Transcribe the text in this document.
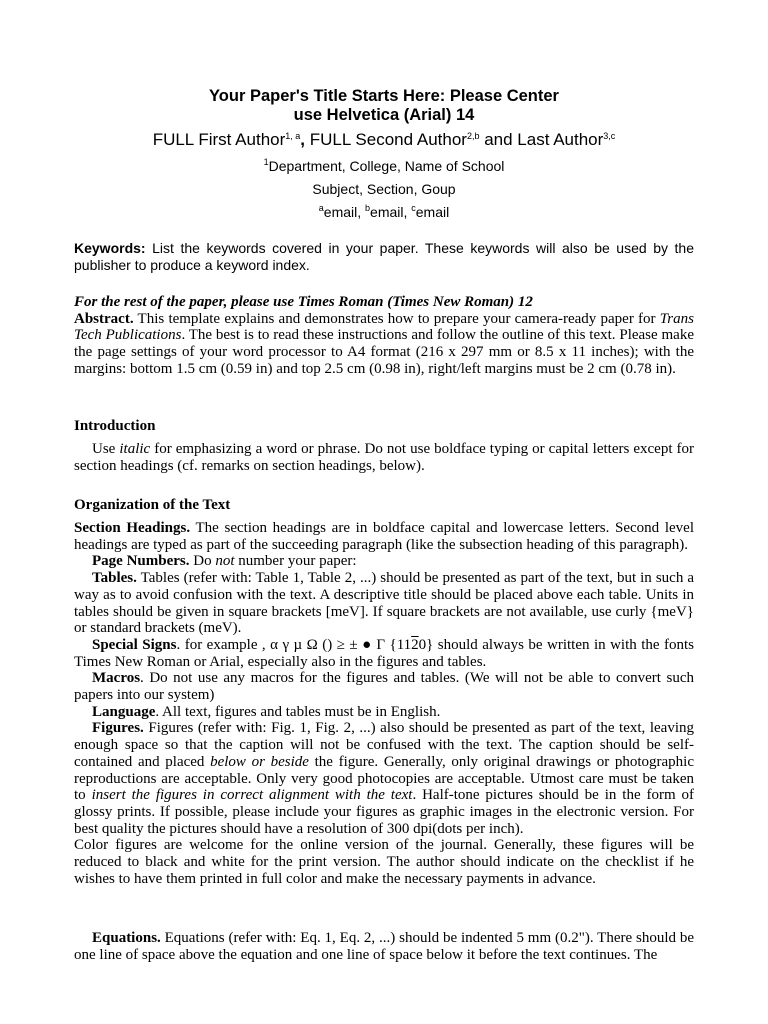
Your Paper's Title Starts Here: Please Center
use Helvetica (Arial) 14
FULL First Author$^{1, a}$, FULL Second Author$^{2,b}$ and Last Author$^{3,c}$
$^1$Department, College, Name of School
Subject, Section, Goup
$^a$email, $^b$email, $^c$email
Keywords: List the keywords covered in your paper. These keywords will also be used by the publisher to produce a keyword index.

For the rest of the paper, please use Times Roman (Times New Roman) 12

Abstract. This template explains and demonstrates how to prepare your camera-ready paper for Trans Tech Publications. The best is to read these instructions and follow the outline of this text. Please make the page settings of your word processor to A4 format (216 x 297 mm or 8.5 x 11 inches); with the margins: bottom 1.5 cm (0.59 in) and top 2.5 cm (0.98 in), right/left margins must be 2 cm (0.78 in).

Introduction

Use italic for emphasizing a word or phrase. Do not use boldface typing or capital letters except for section headings (cf. remarks on section headings, below).

Organization of the Text

Section Headings. The section headings are in boldface capital and lowercase letters. Second level headings are typed as part of the succeeding paragraph (like the subsection heading of this paragraph).

Page Numbers. Do not number your paper:

Tables. Tables (refer with: Table 1, Table 2, ...) should be presented as part of the text, but in such a way as to avoid confusion with the text. A descriptive title should be placed above each table. Units in tables should be given in square brackets [meV]. If square brackets are not available, use curly {meV} or standard brackets (meV).

Special Signs. for example , α γ µ Ω () ≥ ± ● Γ {1120} should always be written in with the fonts Times New Roman or Arial, especially also in the figures and tables.

Macros. Do not use any macros for the figures and tables. (We will not be able to convert such papers into our system)

Language. All text, figures and tables must be in English.

Figures. Figures (refer with: Fig. 1, Fig. 2, ...) also should be presented as part of the text, leaving enough space so that the caption will not be confused with the text. The caption should be self-contained and placed below or beside the figure. Generally, only original drawings or photographic reproductions are acceptable. Only very good photocopies are acceptable. Utmost care must be taken to insert the figures in correct alignment with the text. Half-tone pictures should be in the form of glossy prints. If possible, please include your figures as graphic images in the electronic version. For best quality the pictures should have a resolution of 300 dpi(dots per inch).

Color figures are welcome for the online version of the journal. Generally, these figures will be reduced to black and white for the print version. The author should indicate on the checklist if he wishes to have them printed in full color and make the necessary payments in advance.

Equations. Equations (refer with: Eq. 1, Eq. 2, ...) should be indented 5 mm (0.2"). There should be one line of space above the equation and one line of space below it before the text continues. The
